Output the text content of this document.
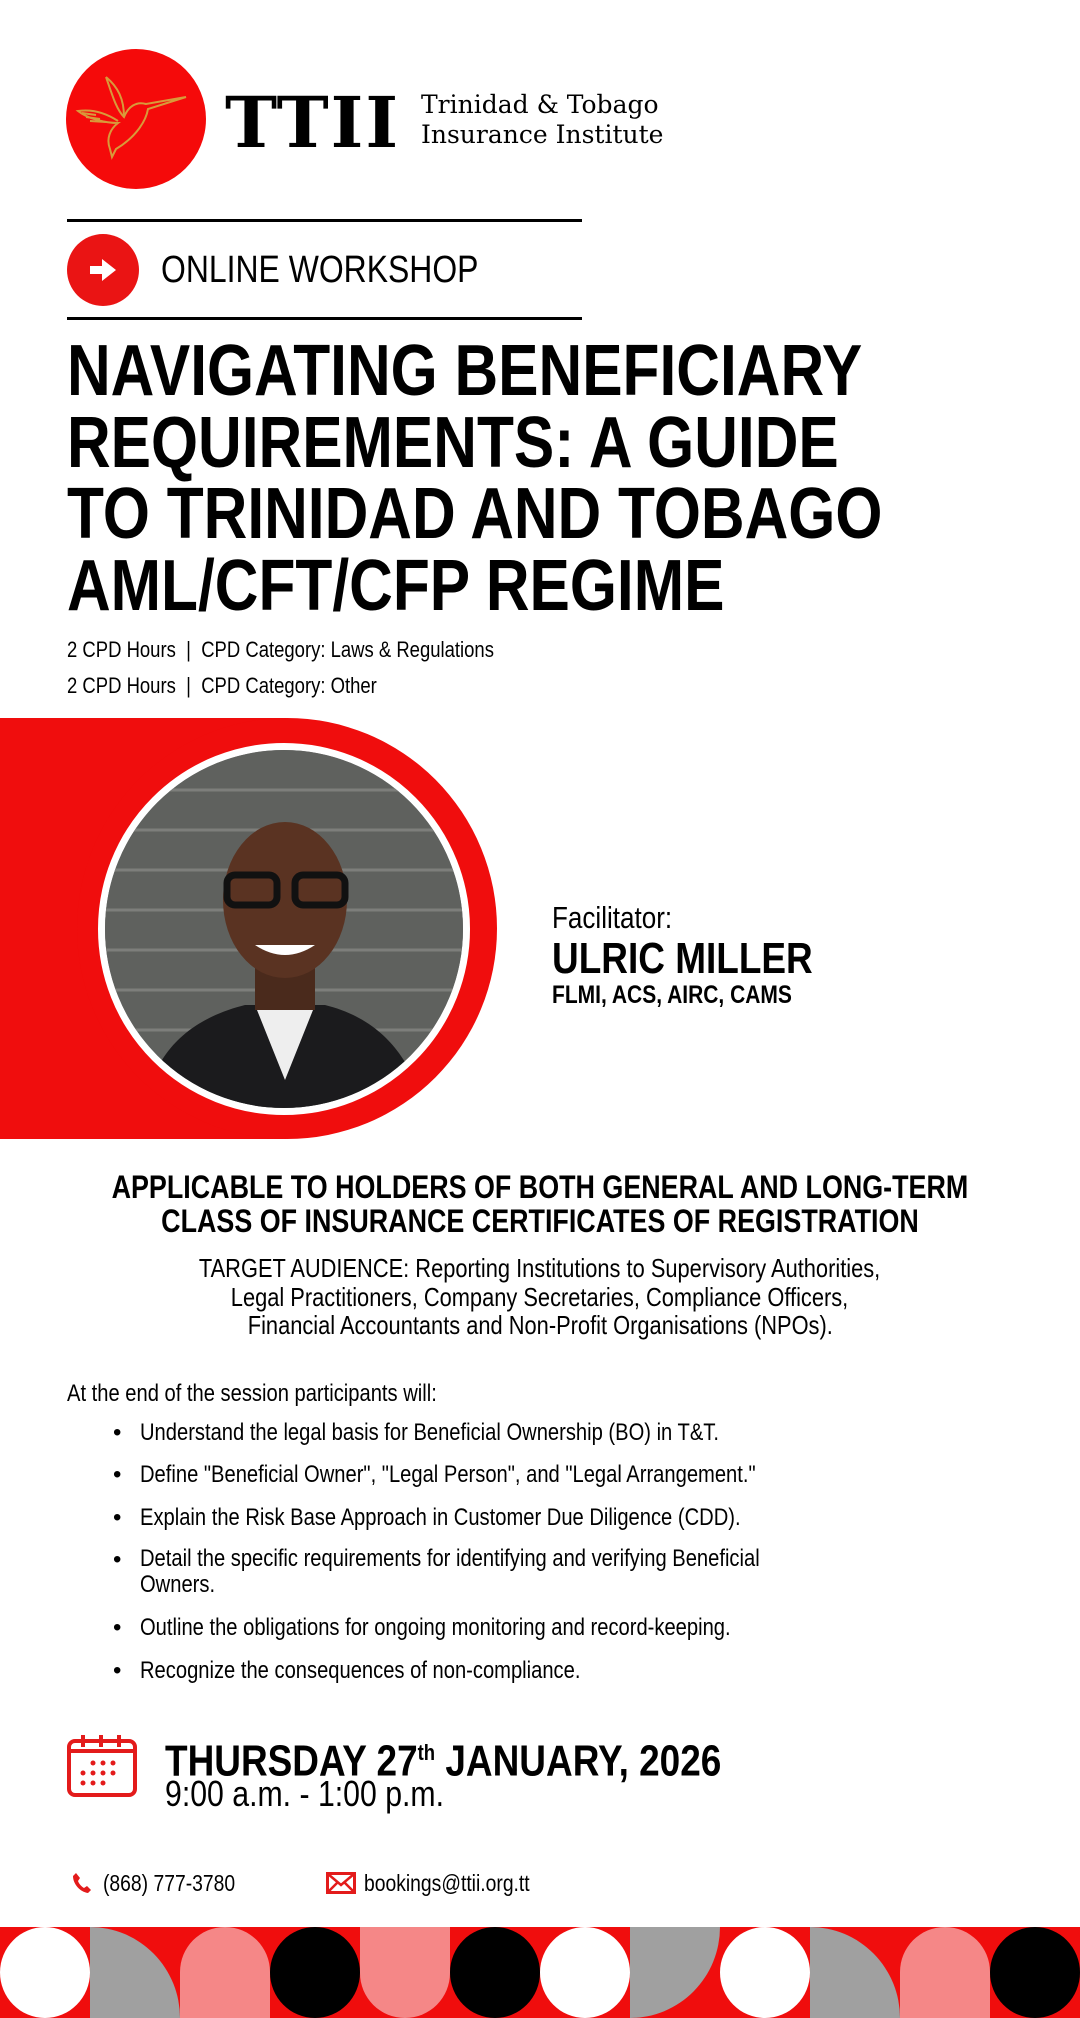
TTII Trinidad & Tobago
Insurance Institute
ONLINE WORKSHOP
NAVIGATING BENEFICIARY
REQUIREMENTS: A GUIDE
TO TRINIDAD AND TOBAGO
AML/CFT/CFP REGIME
2 CPD Hours  |  CPD Category: Laws & Regulations
2 CPD Hours  |  CPD Category: Other
Facilitator:
ULRIC MILLER
FLMI, ACS, AIRC, CAMS
APPLICABLE TO HOLDERS OF BOTH GENERAL AND LONG-TERM
CLASS OF INSURANCE CERTIFICATES OF REGISTRATION
TARGET AUDIENCE: Reporting Institutions to Supervisory Authorities,
Legal Practitioners, Company Secretaries, Compliance Officers,
Financial Accountants and Non-Profit Organisations (NPOs).
At the end of the session participants will:
• Understand the legal basis for Beneficial Ownership (BO) in T&T.
• Define "Beneficial Owner", "Legal Person", and "Legal Arrangement."
• Explain the Risk Base Approach in Customer Due Diligence (CDD).
• Detail the specific requirements for identifying and verifying Beneficial Owners.
• Outline the obligations for ongoing monitoring and record-keeping.
• Recognize the consequences of non-compliance.
THURSDAY 27th JANUARY, 2026
9:00 a.m. - 1:00 p.m.
(868) 777-3780	bookings@ttii.org.tt
